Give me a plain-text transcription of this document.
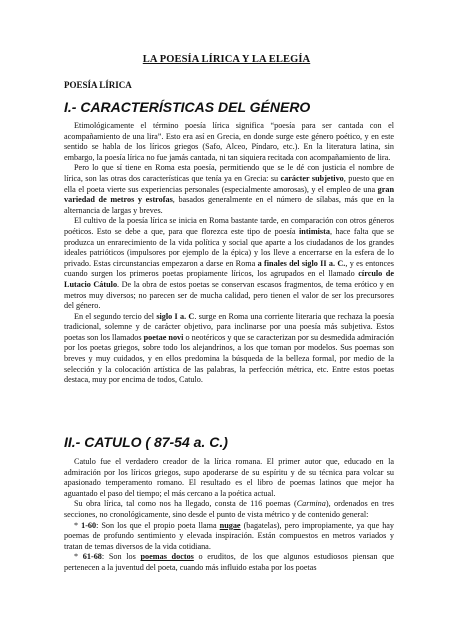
LA POESÍA LÍRICA Y LA ELEGÍA
POESÍA LÍRICA
I.- CARACTERÍSTICAS DEL GÉNERO

Etimológicamente el término poesía lírica significa “poesía para ser cantada con el acompañamiento de una lira”. Esto era así en Grecia, en donde surge este género poético, y en este sentido se habla de los líricos griegos (Safo, Alceo, Píndaro, etc.). En la literatura latina, sin embargo, la poesía lírica no fue jamás cantada, ni tan siquiera recitada con acompañamiento de lira.

Pero lo que sí tiene en Roma esta poesía, permitiendo que se le dé con justicia el nombre de lírica, son las otras dos características que tenía ya en Grecia: su carácter subjetivo, puesto que en ella el poeta vierte sus experiencias personales (especialmente amorosas), y el empleo de una gran variedad de metros y estrofas, basados generalmente en el número de sílabas, más que en la alternancia de largas y breves.

El cultivo de la poesía lírica se inicia en Roma bastante tarde, en comparación con otros géneros poéticos. Esto se debe a que, para que florezca este tipo de poesía intimista, hace falta que se produzca un enrarecimiento de la vida política y social que aparte a los ciudadanos de los grandes ideales patrióticos (impulsores por ejemplo de la épica) y los lleve a encerrarse en la esfera de lo privado. Estas circunstancias empezaron a darse en Roma a finales del siglo II a. C., y es entonces cuando surgen los primeros poetas propiamente líricos, los agrupados en el llamado círculo de Lutacio Cátulo. De la obra de estos poetas se conservan escasos fragmentos, de tema erótico y en metros muy diversos; no parecen ser de mucha calidad, pero tienen el valor de ser los precursores del género.

En el segundo tercio del siglo I a. C. surge en Roma una corriente literaria que rechaza la poesía tradicional, solemne y de carácter objetivo, para inclinarse por una poesía más subjetiva. Estos poetas son los llamados poetae novi o neotéricos y que se caracterizan por su desmedida admiración por los poetas griegos, sobre todo los alejandrinos, a los que toman por modelos. Sus poemas son breves y muy cuidados, y en ellos predomina la búsqueda de la belleza formal, por medio de la selección y la colocación artística de las palabras, la perfección métrica, etc. Entre estos poetas destaca, muy por encima de todos, Catulo.

II.- CATULO ( 87-54 a. C.)

Catulo fue el verdadero creador de la lírica romana. El primer autor que, educado en la admiración por los líricos griegos, supo apoderarse de su espíritu y de su técnica para volcar su apasionado temperamento romano. El resultado es el libro de poemas latinos que mejor ha aguantado el paso del tiempo; el más cercano a la poética actual.

Su obra lírica, tal como nos ha llegado, consta de 116 poemas (Carmina), ordenados en tres secciones, no cronológicamente, sino desde el punto de vista métrico y de contenido general:

* 1-60: Son los que el propio poeta llama nugae (bagatelas), pero impropiamente, ya que hay poemas de profundo sentimiento y elevada inspiración. Están compuestos en metros variados y tratan de temas diversos de la vida cotidiana.

* 61-68: Son los poemas doctos o eruditos, de los que algunos estudiosos piensan que pertenecen a la juventud del poeta, cuando más influido estaba por los poetas
